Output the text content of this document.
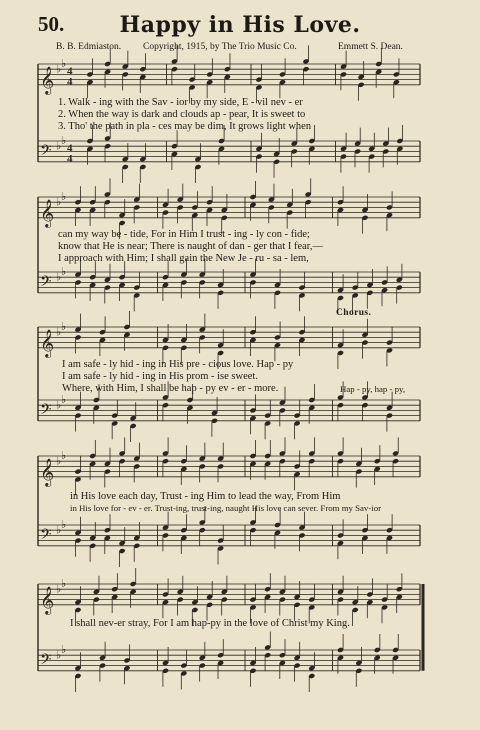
50.	Happy in His Love.
B. B. Edmiaston. Copyright, 1915, by The Trio Music Co.	Emmett S. Dean.
𝄞 ♭ ♭
4
4
𝄢 ♭ ♭
4
4
𝄞 ♭ ♭
𝄢 ♭ ♭
𝄞 ♭ ♭
𝄢 ♭ ♭
𝄞 ♭ ♭
𝄢 ♭ ♭
𝄞 ♭ ♭
𝄢 ♭ ♭
1. Walk - ing with the Sav - ior by my side, E - vil nev - er
2. When the way is dark and clouds ap - pear, It is sweet to
3. Tho' the path in pla - ces may be dim, It grows light when
can my way be - tide, For in Him I trust - ing - ly con - fide;
know that He is near; There is naught of dan - ger that I fear,—
I approach with Him; I shall gain the New Je - ru - sa - lem,
Chorus.
I am safe - ly hid - ing in His pre - cious love. Hap - py
I am safe - ly hid - ing in His prom - ise sweet.
Where, with Him, I shall be hap - py ev - er - more.	Hap - py, hap - py,
in His love each day, Trust - ing Him to lead the way, From Him
in His love for - ev - er. Trust-ing, trust-ing, naught His love can sever. From my Sav-ior
I shall nev-er stray, For I am hap-py in the love of Christ my King.
